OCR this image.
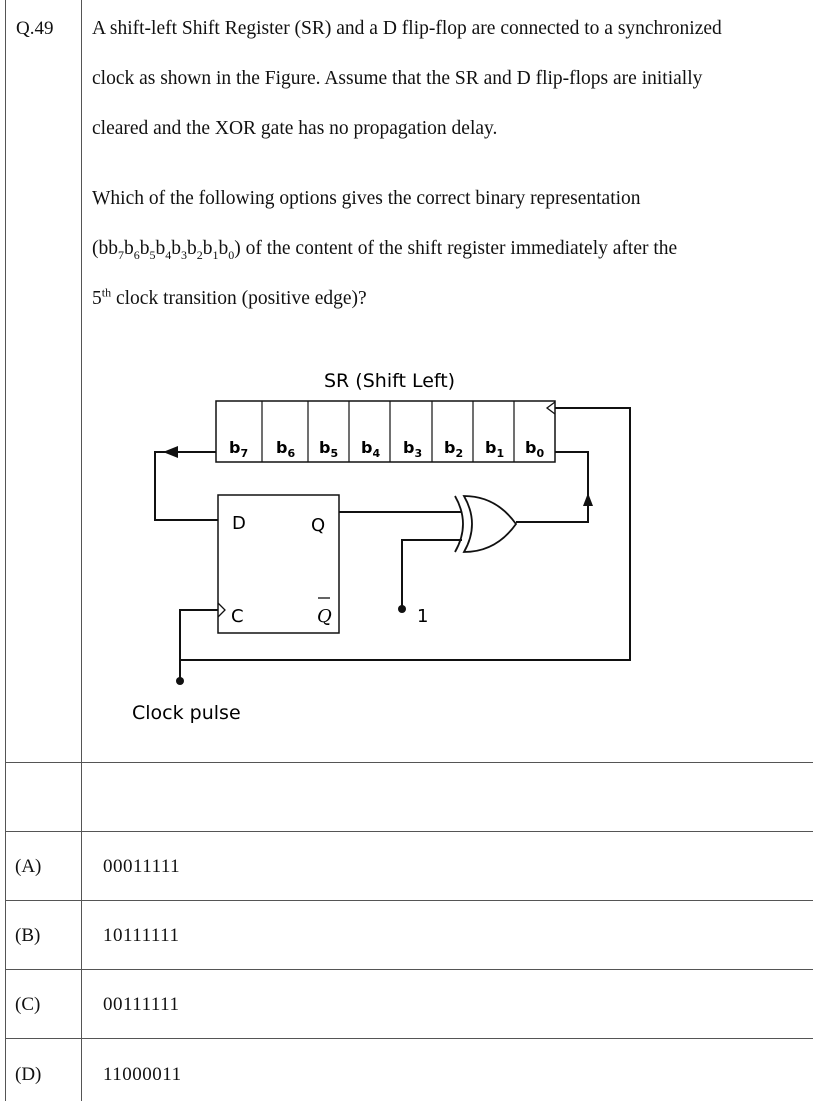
Q.49 A shift-left Shift Register (SR) and a D flip-flop are connected to a synchronized
clock as shown in the Figure. Assume that the SR and D flip-flops are initially
cleared and the XOR gate has no propagation delay.

Which of the following options gives the correct binary representation
$(bb_7b_6b_5b_4b_3b_2b_1b_0)$ of the content of the shift register immediately after the
5th clock transition (positive edge)?

SR (Shift Left)
$b_7$ $b_6$ $b_5$ $b_4$ $b_3$ $b_2$ $b_1$ $b_0$
D	Q
C	Q	1
Clock pulse
(A)	00011111
(B)	10111111
(C)	00111111
(D)	11000011
